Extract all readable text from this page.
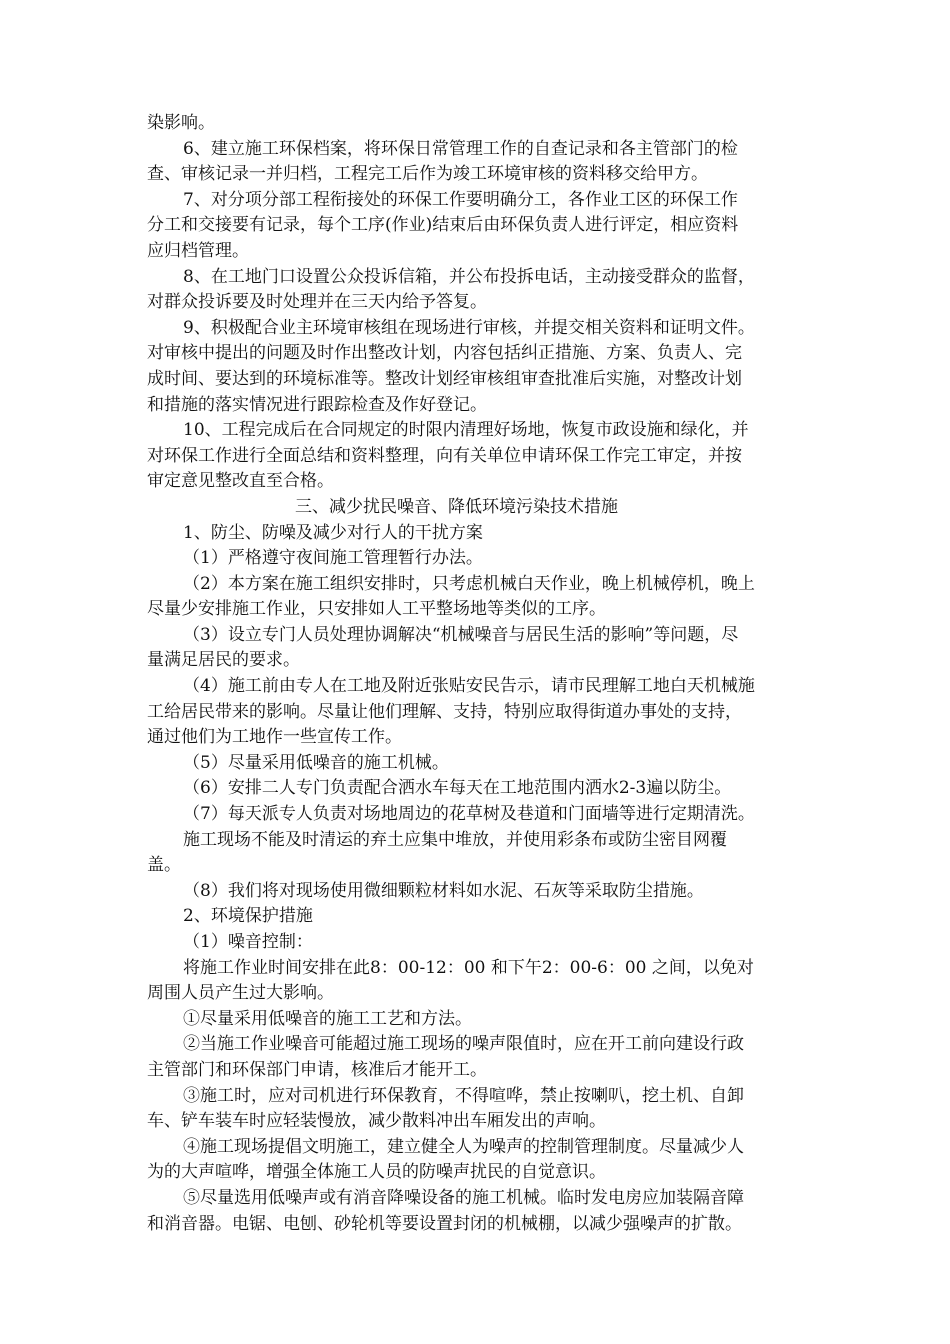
染影响。
6、建立施工环保档案，将环保日常管理工作的自查记录和各主管部门的检
查、审核记录一并归档，工程完工后作为竣工环境审核的资料移交给甲方。
7、对分项分部工程衔接处的环保工作要明确分工，各作业工区的环保工作
分工和交接要有记录，每个工序(作业)结束后由环保负责人进行评定，相应资料
应归档管理。
8、在工地门口设置公众投诉信箱，并公布投拆电话，主动接受群众的监督，
对群众投诉要及时处理并在三天内给予答复。
9、积极配合业主环境审核组在现场进行审核，并提交相关资料和证明文件。
对审核中提出的问题及时作出整改计划，内容包括纠正措施、方案、负责人、完
成时间、要达到的环境标准等。整改计划经审核组审查批准后实施，对整改计划
和措施的落实情况进行跟踪检查及作好登记。
10、工程完成后在合同规定的时限内清理好场地，恢复市政设施和绿化，并
对环保工作进行全面总结和资料整理，向有关单位申请环保工作完工审定，并按
审定意见整改直至合格。
三、减少扰民噪音、降低环境污染技术措施
1、防尘、防噪及减少对行人的干扰方案
（1）严格遵守夜间施工管理暂行办法。
（2）本方案在施工组织安排时，只考虑机械白天作业，晚上机械停机，晚上
尽量少安排施工作业，只安排如人工平整场地等类似的工序。
（3）设立专门人员处理协调解决“机械噪音与居民生活的影响”等问题，尽
量满足居民的要求。
（4）施工前由专人在工地及附近张贴安民告示，请市民理解工地白天机械施
工给居民带来的影响。尽量让他们理解、支持，特别应取得街道办事处的支持，
通过他们为工地作一些宣传工作。
（5）尽量采用低噪音的施工机械。
（6）安排二人专门负责配合洒水车每天在工地范围内洒水2-3遍以防尘。
（7）每天派专人负责对场地周边的花草树及巷道和门面墙等进行定期清洗。
施工现场不能及时清运的弃土应集中堆放，并使用彩条布或防尘密目网覆
盖。
（8）我们将对现场使用微细颗粒材料如水泥、石灰等采取防尘措施。
2、环境保护措施
（1）噪音控制：
将施工作业时间安排在此8：00-12：00 和下午2：00-6：00 之间，以免对
周围人员产生过大影响。
①尽量采用低噪音的施工工艺和方法。
②当施工作业噪音可能超过施工现场的噪声限值时，应在开工前向建设行政
主管部门和环保部门申请，核准后才能开工。
③施工时，应对司机进行环保教育，不得喧哗，禁止按喇叭，挖土机、自卸
车、铲车装车时应轻装慢放，减少散料冲出车厢发出的声响。
④施工现场提倡文明施工，建立健全人为噪声的控制管理制度。尽量减少人
为的大声喧哗，增强全体施工人员的防噪声扰民的自觉意识。
⑤尽量选用低噪声或有消音降噪设备的施工机械。临时发电房应加装隔音障
和消音器。电锯、电刨、砂轮机等要设置封闭的机械棚，以减少强噪声的扩散。
